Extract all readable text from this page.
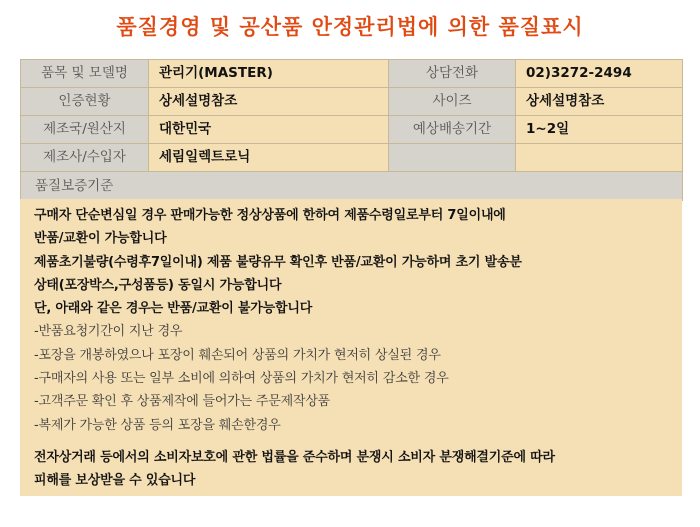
품질경영 및 공산품 안정관리법에 의한 품질표시
품목 및 모델명	관리기(MASTER)	상담전화	02)3272-2494
인증현황	상세설명참조	사이즈	상세설명참조
제조국/원산지	대한민국	예상배송기간	1~2일
제조사/수입자	세림일렉트로닉		
품질보증기준			
구매자 단순변심일 경우 판매가능한 정상상품에 한하여 제품수령일로부터 7일이내에
반품/교환이 가능합니다
제품초기불량(수령후7일이내) 제품 불량유무 확인후 반품/교환이 가능하며 초기 발송분
상태(포장박스,구성품등) 동일시 가능합니다
단, 아래와 같은 경우는 반품/교환이 불가능합니다
-반품요청기간이 지난 경우
-포장을 개봉하였으나 포장이 훼손되어 상품의 가치가 현저히 상실된 경우
-구매자의 사용 또는 일부 소비에 의하여 상품의 가치가 현저히 감소한 경우
-고객주문 확인 후 상품제작에 들어가는 주문제작상품
-복제가 가능한 상품 등의 포장을 훼손한경우
전자상거래 등에서의 소비자보호에 관한 법률을 준수하며 분쟁시 소비자 분쟁해결기준에 따라
피해를 보상받을 수 있습니다
